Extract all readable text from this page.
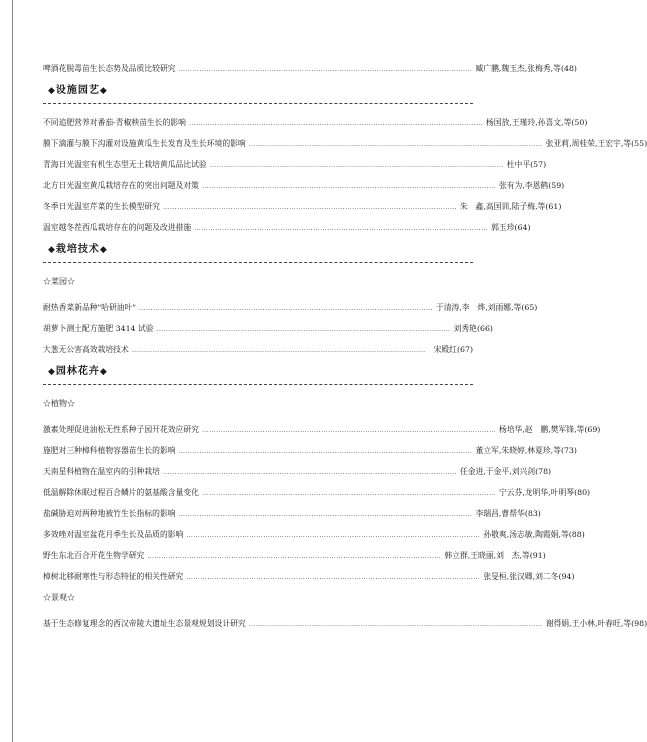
啤酒花脱毒苗生长态势及品质比较研究 ……………………………………………………………………………………………………………… 臧广鹏,魏玉杰,张梅秀,等 (48)
◆设施园艺◆
不同追肥营养对番茄-青椒秧苗生长的影响 ……………………………………………………………………………………………………………… 杨国放,王瑾玲,孙喜文,等 (50)
膜下滴灌与膜下沟灌对设施黄瓜生长发育及生长环境的影响 ……………………………………………………………………………………………………………… 张亚莉,周桂荣,王宏宇,等 (55)
青海日光温室有机生态型无土栽培黄瓜品比试验 ……………………………………………………………………………………………………………… 杜中平 (57)
北方日光温室黄瓜栽培存在的突出问题及对策 ……………………………………………………………………………………………………………… 张有为,李恩鹤 (59)
冬季日光温室芹菜的生长模型研究 ……………………………………………………………………………………………………………… 朱　鑫,高国训,陆子梅,等 (61)
温室越冬茬西瓜栽培存在的问题及改进措施 ……………………………………………………………………………………………………………… 郭玉珍 (64)
◆栽培技术◆
☆菜园☆
耐热香菜新品种"哈研油叶" ……………………………………………………………………………………………………………… 于清涛,李　烨,刘雨娜,等 (65)
胡萝卜测土配方施肥 3414 试验 ……………………………………………………………………………………………………………… 刘秀艳 (66)
大葱无公害高效栽培技术 ………………………………………………………………………………………………………………	宋殿红 (67)
◆园林花卉◆
☆植物☆
激素处理促进油松无性系种子园开花效应研究 ……………………………………………………………………………………………………………… 杨培华,赵　鹏,樊军锋,等 (69)
施肥对三种樟科植物容器苗生长的影响 ……………………………………………………………………………………………………………… 董立军,朱晓婷,林夏珍,等 (73)
天南星科植物在温室内的引种栽培 ……………………………………………………………………………………………………………… 任金进,于金平,刘兴剑 (78)
低温解除休眠过程百合鳞片的氨基酸含量变化 ……………………………………………………………………………………………………………… 宁云芬,龙明华,叶明琴 (80)
盐碱胁迫对两种地被竹生长指标的影响 ……………………………………………………………………………………………………………… 李瑞昌,曹帮华 (83)
多效唑对温室盆花月季生长及品质的影响 ……………………………………………………………………………………………………………… 孙敬爽,汤志敏,陶霞娟,等 (88)
野生东北百合开花生物学研究 ……………………………………………………………………………………………………………… 韩立群,王晓丽,刘　杰,等 (91)
樟树北移耐寒性与形态特征的相关性研究 ……………………………………………………………………………………………………………… 张旻桓,张汉卿,刘二冬 (94)
☆景观☆
基于生态修复理念的西汉帝陵大遗址生态景观规划设计研究 ……………………………………………………………………………………………………………… 谢得娟,王小林,叶春旺,等 (98)
